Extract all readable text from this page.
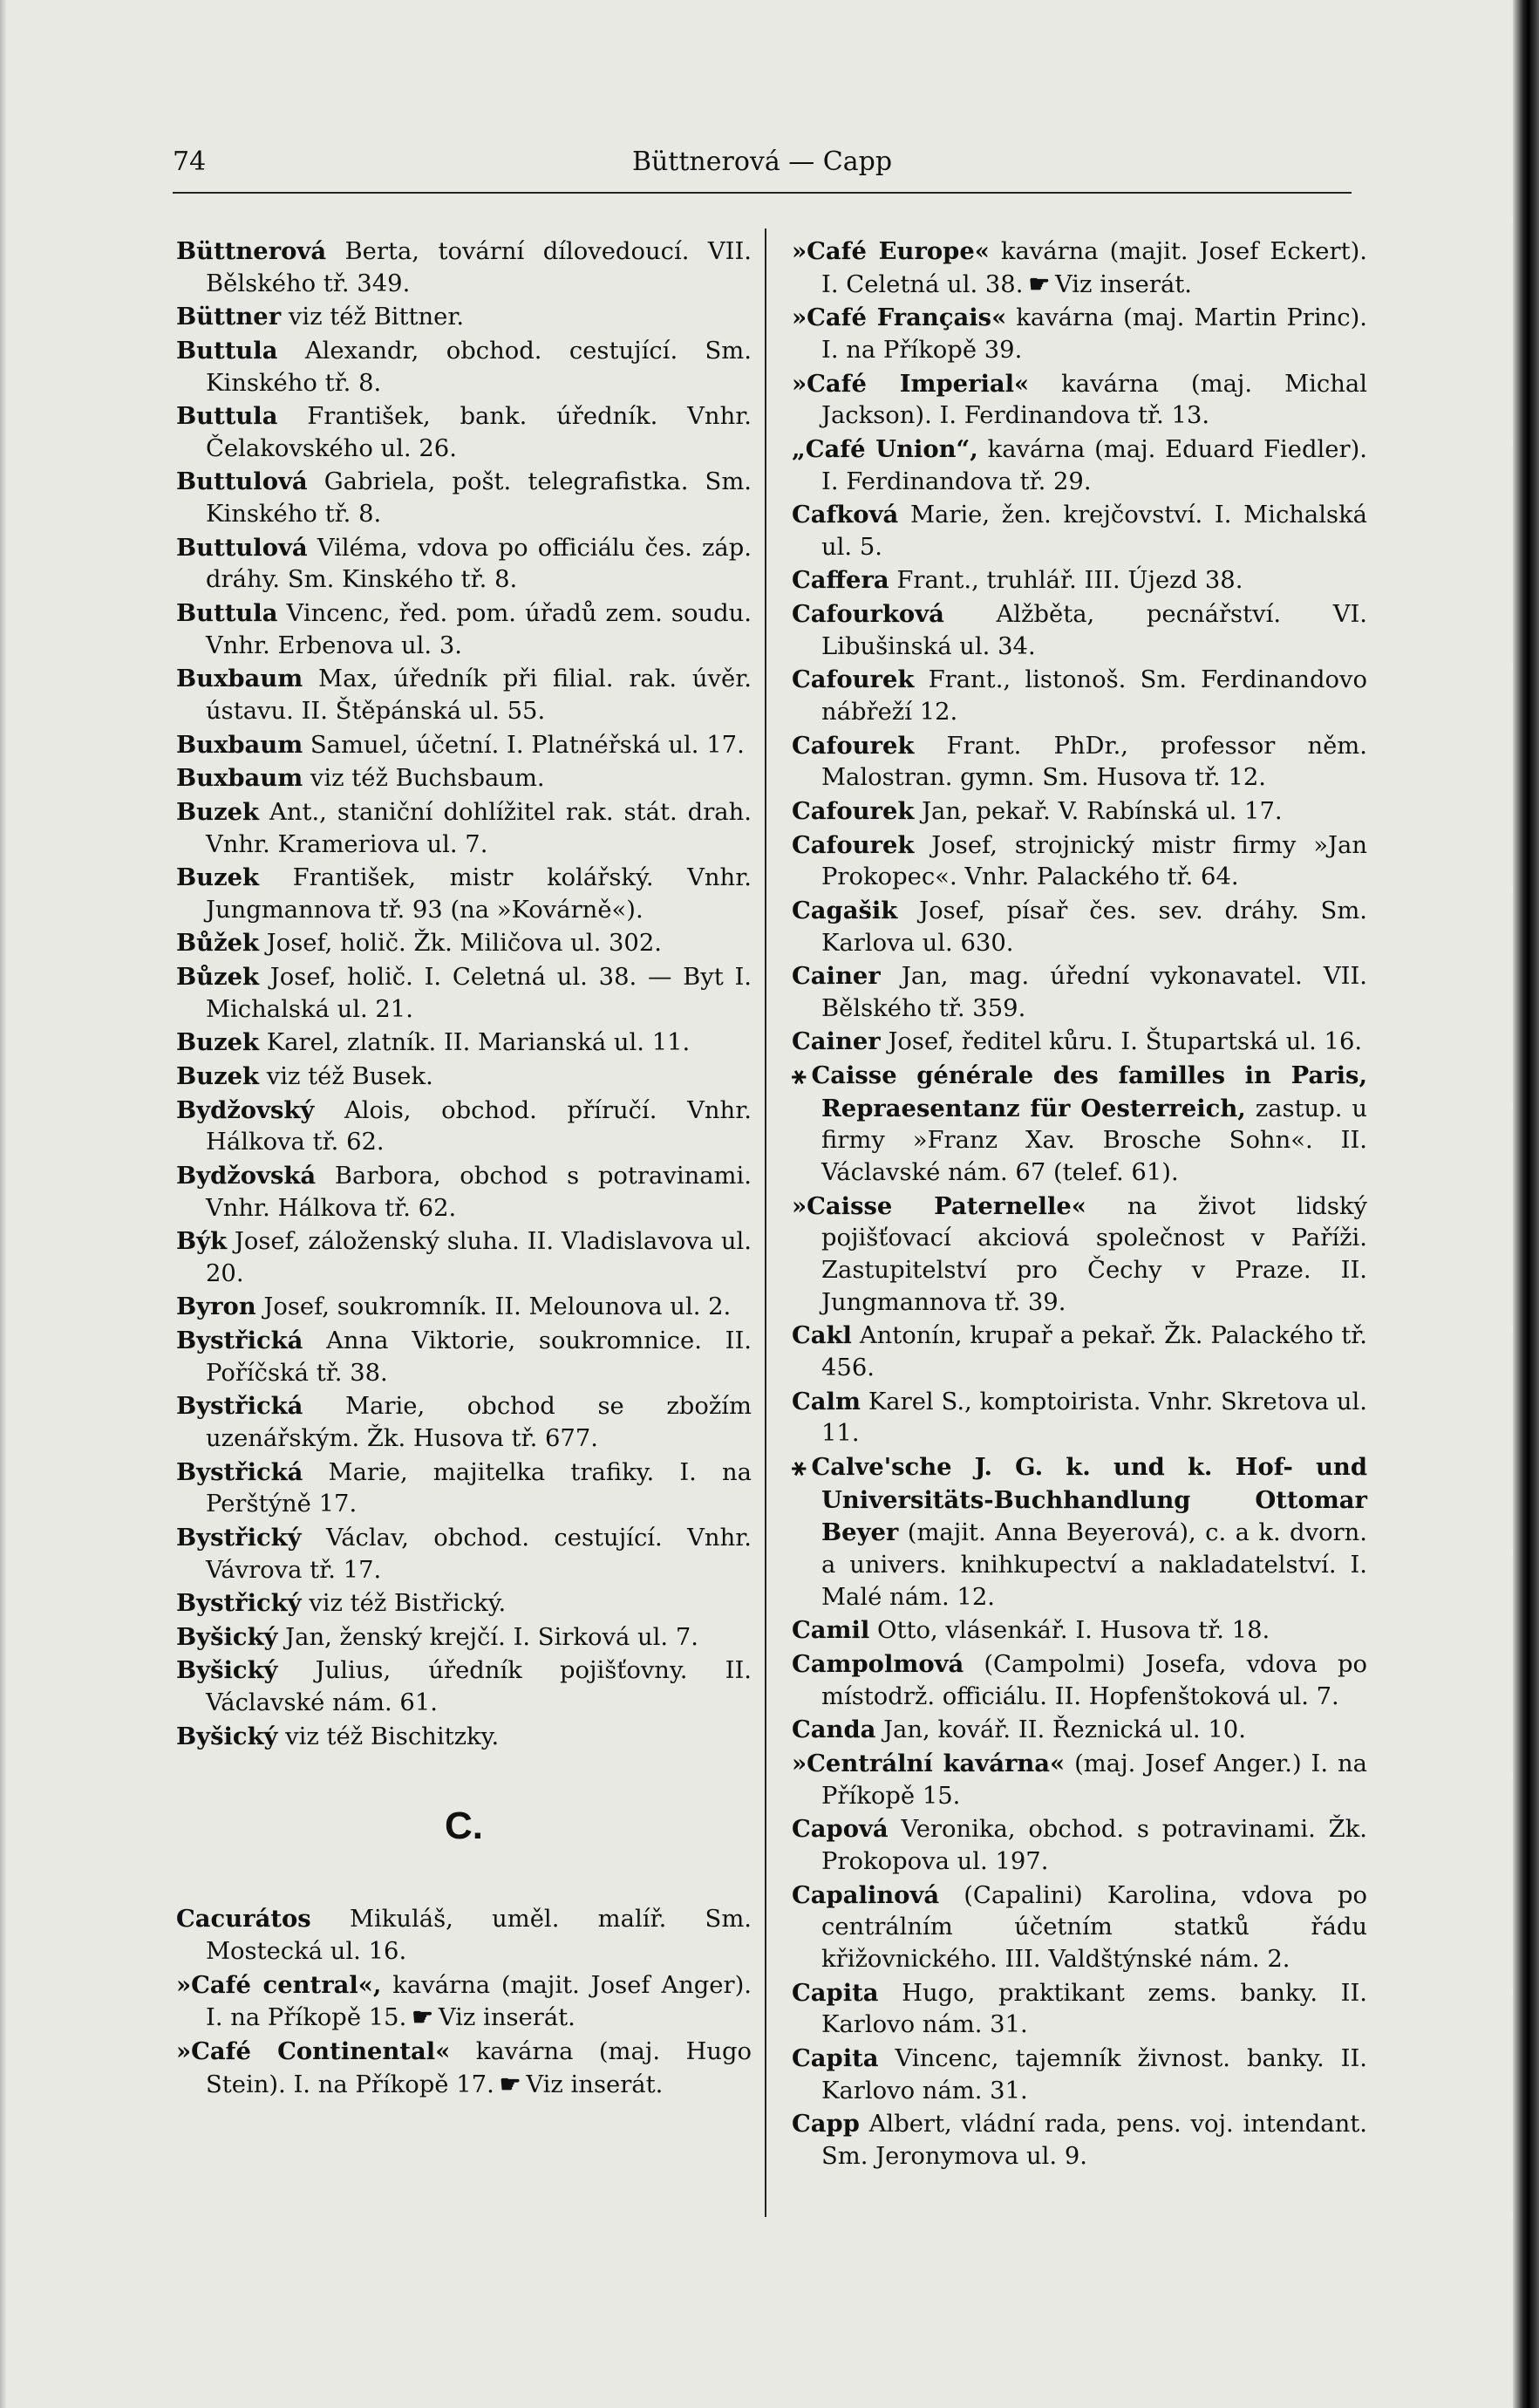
74	Büttnerová — Capp
Büttnerová Berta, tovární dílovedoucí. VII. Bělského tř. 349.
Büttner viz též Bittner.
Buttula Alexandr, obchod. cestující. Sm. Kinského tř. 8.
Buttula František, bank. úředník. Vnhr. Čelakovského ul. 26.
Buttulová Gabriela, pošt. telegrafistka. Sm. Kinského tř. 8.
Buttulová Viléma, vdova po officiálu čes. záp. dráhy. Sm. Kinského tř. 8.
Buttula Vincenc, řed. pom. úřadů zem. soudu. Vnhr. Erbenova ul. 3.
Buxbaum Max, úředník při filial. rak. úvěr. ústavu. II. Štěpánská ul. 55.
Buxbaum Samuel, účetní. I. Platnéřská ul. 17.
Buxbaum viz též Buchsbaum.
Buzek Ant., staniční dohlížitel rak. stát. drah. Vnhr. Krameriova ul. 7.
Buzek František, mistr kolářský. Vnhr. Jungmannova tř. 93 (na »Kovárně«).
Bůžek Josef, holič. Žk. Miličova ul. 302.
Bůzek Josef, holič. I. Celetná ul. 38. — Byt I. Michalská ul. 21.
Buzek Karel, zlatník. II. Marianská ul. 11.
Buzek viz též Busek.
Bydžovský Alois, obchod. příručí. Vnhr. Hálkova tř. 62.
Bydžovská Barbora, obchod s potravinami. Vnhr. Hálkova tř. 62.
Býk Josef, záloženský sluha. II. Vladislavova ul. 20.
Byron Josef, soukromník. II. Melounova ul. 2.
Bystřická Anna Viktorie, soukromnice. II. Poříčská tř. 38.
Bystřická Marie, obchod se zbožím uzenářským. Žk. Husova tř. 677.
Bystřická Marie, majitelka trafiky. I. na Perštýně 17.
Bystřický Václav, obchod. cestující. Vnhr. Vávrova tř. 17.
Bystřický viz též Bistřický.
Byšický Jan, ženský krejčí. I. Sirková ul. 7.
Byšický Julius, úředník pojišťovny. II. Václavské nám. 61.
Byšický viz též Bischitzky.
C.
Cacurátos Mikuláš, uměl. malíř. Sm. Mostecká ul. 16.
»Café central«, kavárna (majit. Josef Anger). I. na Příkopě 15. ☛ Viz inserát.
»Café Continental« kavárna (maj. Hugo Stein). I. na Příkopě 17. ☛ Viz inserát.
»Café Europe« kavárna (majit. Josef Eckert). I. Celetná ul. 38. ☛ Viz inserát.
»Café Français« kavárna (maj. Martin Princ). I. na Příkopě 39.
»Café Imperial« kavárna (maj. Michal Jackson). I. Ferdinandova tř. 13.
„Café Union“, kavárna (maj. Eduard Fiedler). I. Ferdinandova tř. 29.
Cafková Marie, žen. krejčovství. I. Michalská ul. 5.
Caffera Frant., truhlář. III. Újezd 38.
Cafourková Alžběta, pecnářství. VI. Libušinská ul. 34.
Cafourek Frant., listonoš. Sm. Ferdinandovo nábřeží 12.
Cafourek Frant. PhDr., professor něm. Malostran. gymn. Sm. Husova tř. 12.
Cafourek Jan, pekař. V. Rabínská ul. 17.
Cafourek Josef, strojnický mistr firmy »Jan Prokopec«. Vnhr. Palackého tř. 64.
Cagašik Josef, písař čes. sev. dráhy. Sm. Karlova ul. 630.
Cainer Jan, mag. úřední vykonavatel. VII. Bělského tř. 359.
Cainer Josef, ředitel kůru. I. Štupartská ul. 16.
⚹ Caisse générale des familles in Paris, Repraesentanz für Oesterreich, zastup. u firmy »Franz Xav. Brosche Sohn«. II. Václavské nám. 67 (telef. 61).
»Caisse Paternelle« na život lidský pojišťovací akciová společnost v Paříži. Zastupitelství pro Čechy v Praze. II. Jungmannova tř. 39.
Cakl Antonín, krupař a pekař. Žk. Palackého tř. 456.
Calm Karel S., komptoirista. Vnhr. Skretova ul. 11.
⚹ Calve'sche J. G. k. und k. Hof- und Universitäts-Buchhandlung Ottomar Beyer (majit. Anna Beyerová), c. a k. dvorn. a univers. knihkupectví a nakladatelství. I. Malé nám. 12.
Camil Otto, vlásenkář. I. Husova tř. 18.
Campolmová (Campolmi) Josefa, vdova po místodrž. officiálu. II. Hopfenštoková ul. 7.
Canda Jan, kovář. II. Řeznická ul. 10.
»Centrální kavárna« (maj. Josef Anger.) I. na Příkopě 15.
Capová Veronika, obchod. s potravinami. Žk. Prokopova ul. 197.
Capalinová (Capalini) Karolina, vdova po centrálním účetním statků řádu křižovnického. III. Valdštýnské nám. 2.
Capita Hugo, praktikant zems. banky. II. Karlovo nám. 31.
Capita Vincenc, tajemník živnost. banky. II. Karlovo nám. 31.
Capp Albert, vládní rada, pens. voj. intendant. Sm. Jeronymova ul. 9.
